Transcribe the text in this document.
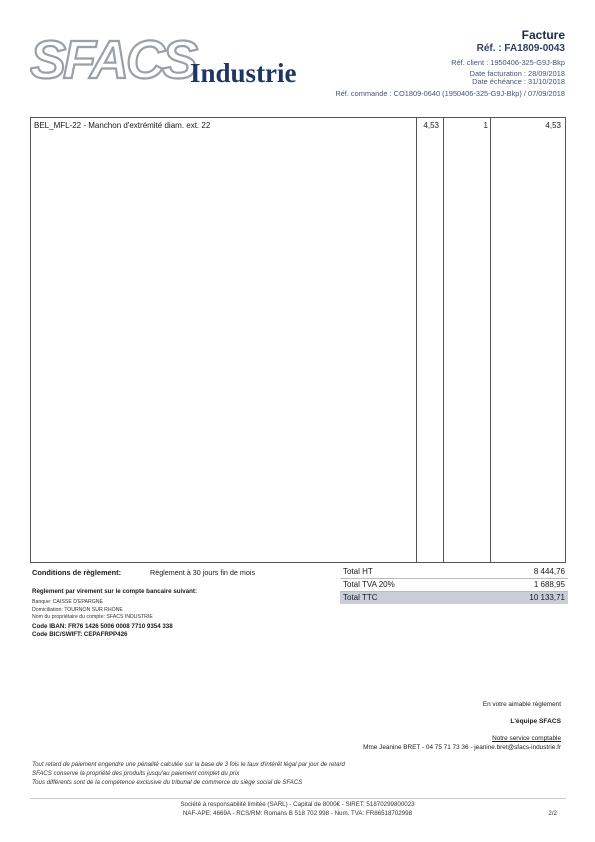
SFACS
Industrie
Facture
Réf. : FA1809-0043
Réf. client : 1950406-325-G9J-Bkp
Date facturation : 28/09/2018
Date échéance : 31/10/2018
Réf. commande : CO1809-0640 (1950406-325-G9J-Bkp) / 07/09/2018
BEL_MFL-22 - Manchon d'extrémité diam. ext. 22	4,53	1	4,53
Conditions de règlement:	Règlement à 30 jours fin de mois
Règlement par virement sur le compte bancaire suivant:
Banque: CAISSE D'EPARGNE
Domiciliation: TOURNON SUR RHONE
Nom du propriétaire du compte: SFACS INDUSTRIE
Code IBAN: FR76 1426 5006 0008 7710 9354 338
Code BIC/SWIFT: CEPAFRPP426
Total HT	8 444,76
Total TVA 20%	1 688,95
Total TTC	10 133,71
En votre aimable règlement
L'équipe SFACS
Notre service comptable
Mme Jeanine BRET - 04 75 71 73 36 - jeanine.bret@sfacs-industrie.fr
Tout retard de paiement engendre une pénalité calculée sur la base de 3 fois le taux d'intérêt légal par jour de retard
SFACS conserve la propriété des produits jusqu'au paiement complet du prix
Tous différents sont de la compétence exclusive du tribunal de commerce du siège social de SFACS
Société à responsabilité limitée (SARL) - Capital de 8000€ - SIRET: 51870299800023
NAF-APE: 4669A - RCS/RM: Romans B 518 702 998 - Num. TVA: FR86518702998	2/2
